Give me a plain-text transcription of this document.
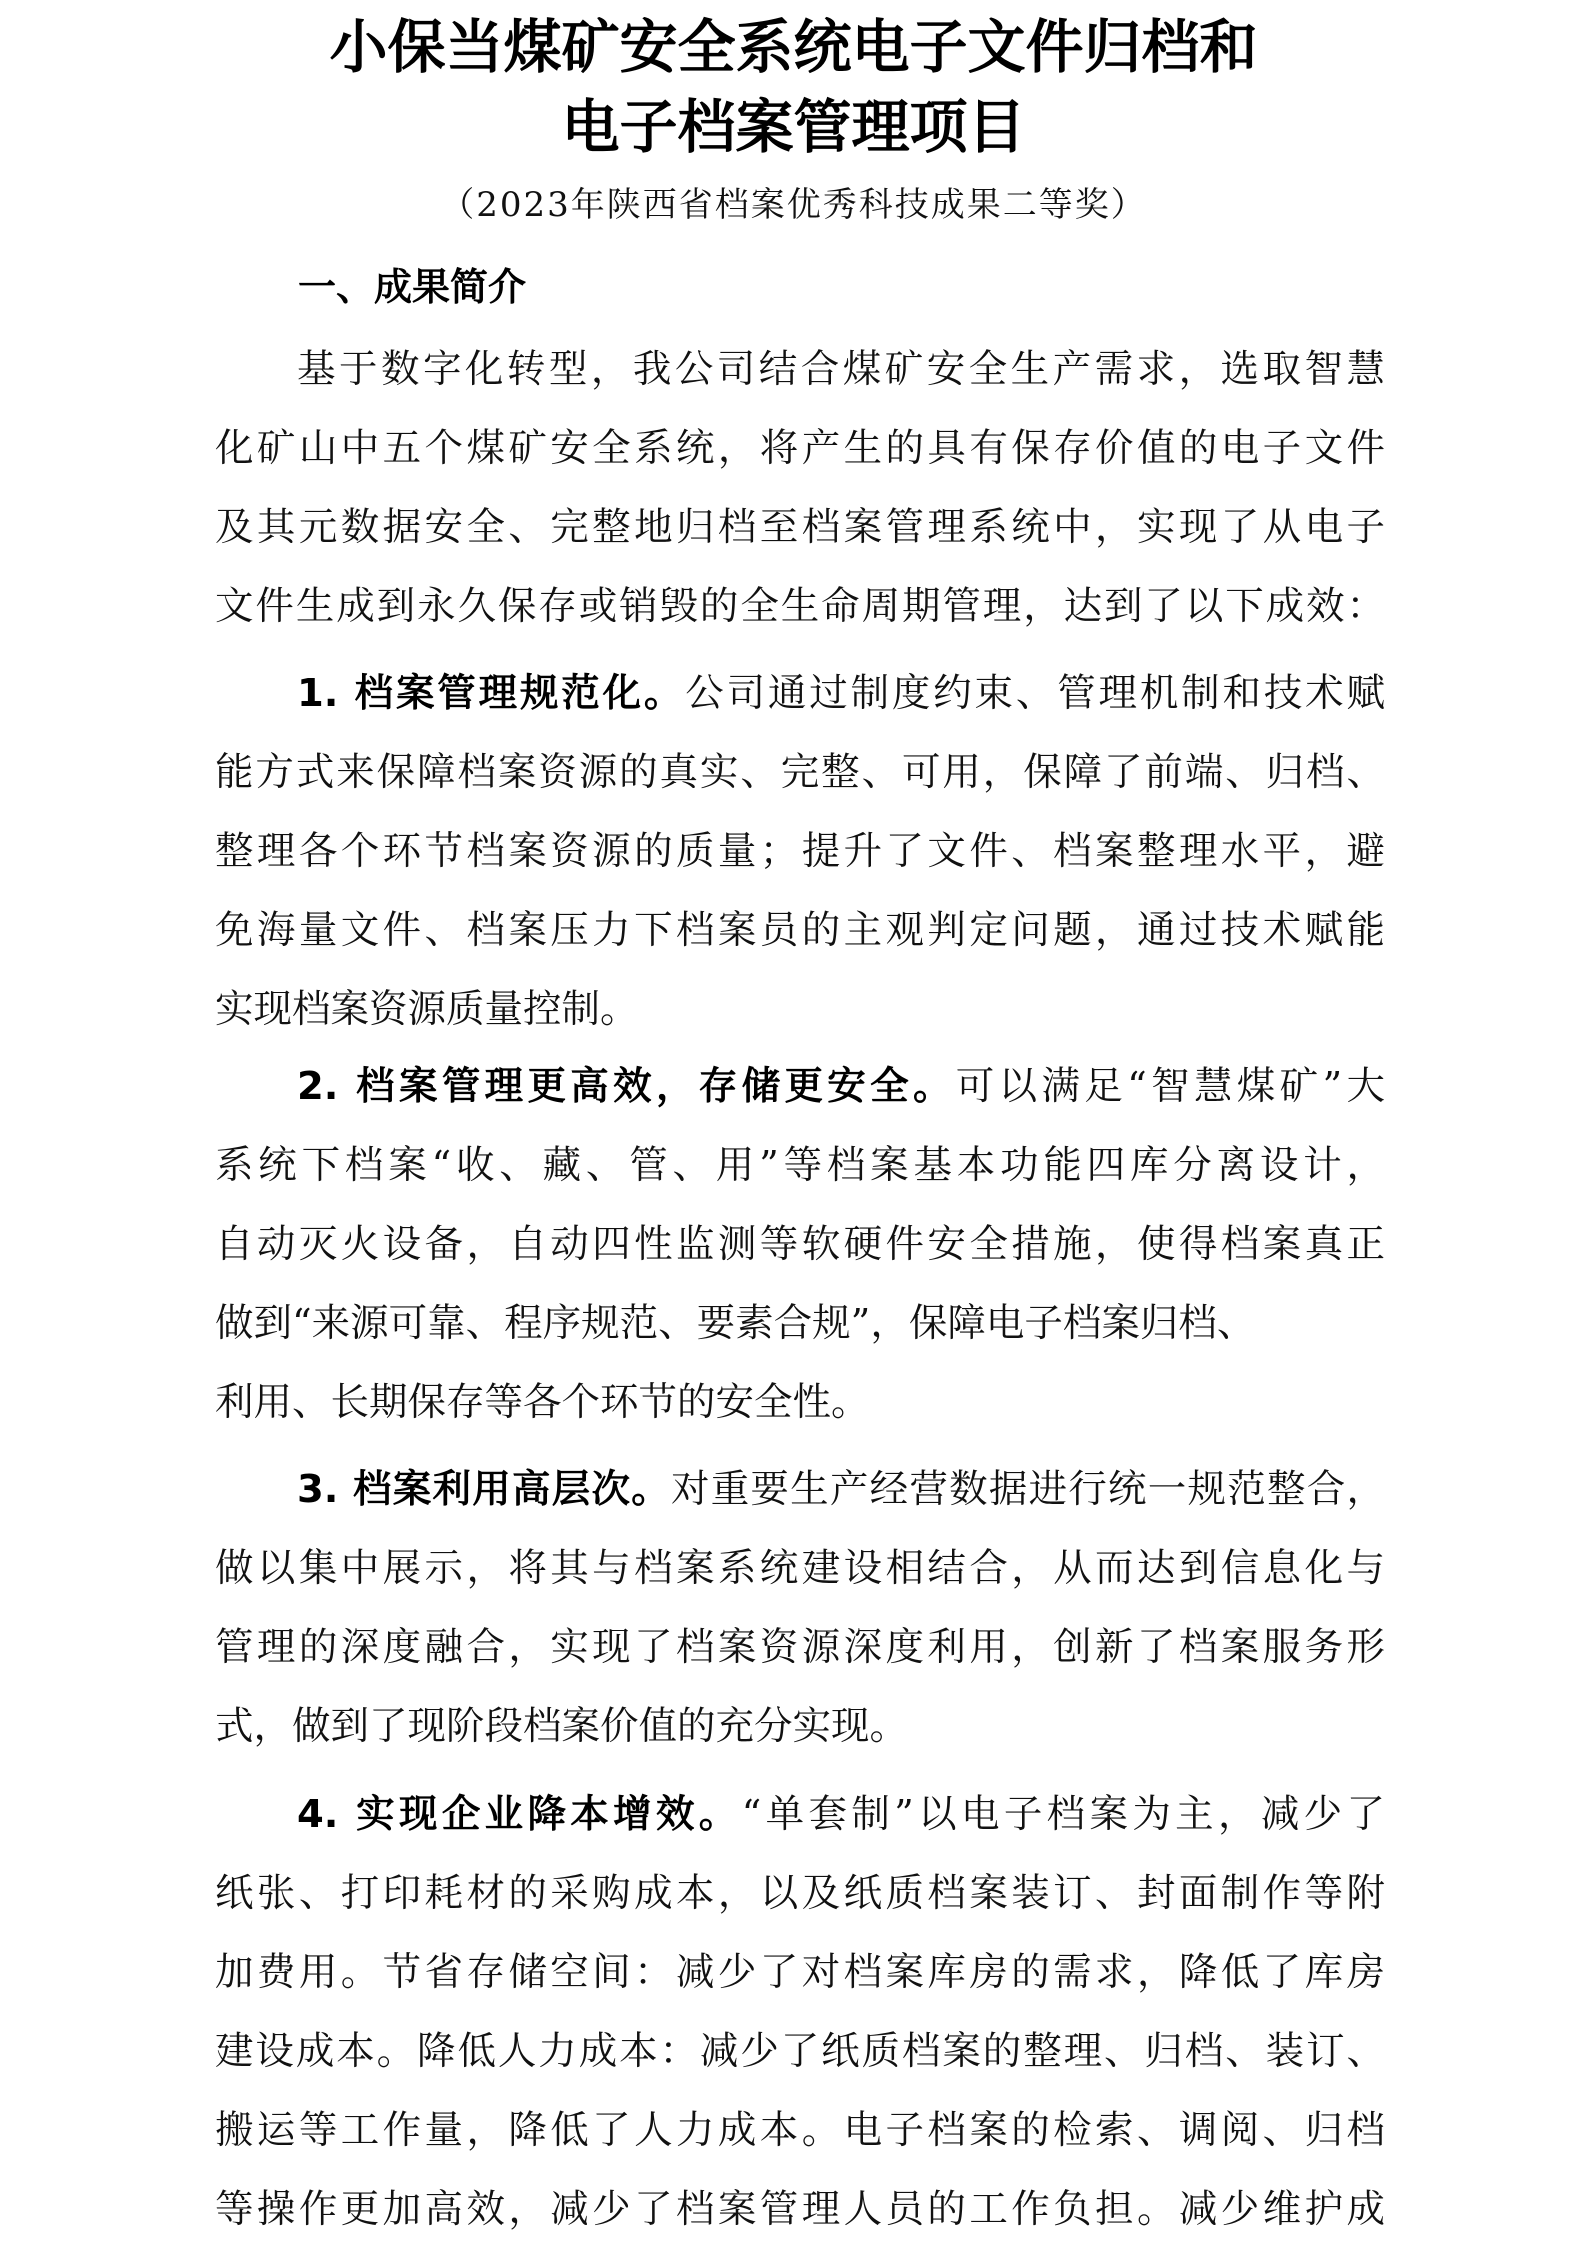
小保当煤矿安全系统电子文件归档和
电子档案管理项目
（2023年陕西省档案优秀科技成果二等奖）
一、成果简介
基于数字化转型，我公司结合煤矿安全生产需求，选取智慧
化矿山中五个煤矿安全系统，将产生的具有保存价值的电子文件
及其元数据安全、完整地归档至档案管理系统中，实现了从电子
文件生成到永久保存或销毁的全生命周期管理，达到了以下成效：
1. 档案管理规范化。公司通过制度约束、管理机制和技术赋
能方式来保障档案资源的真实、完整、可用，保障了前端、归档、
整理各个环节档案资源的质量；提升了文件、档案整理水平，避
免海量文件、档案压力下档案员的主观判定问题，通过技术赋能
实现档案资源质量控制。
2. 档案管理更高效，存储更安全。可以满足“智慧煤矿”大
系统下档案“收、藏、管、用”等档案基本功能四库分离设计，
自动灭火设备，自动四性监测等软硬件安全措施，使得档案真正
做到“来源可靠、程序规范、要素合规”，保障电子档案归档、
利用、长期保存等各个环节的安全性。
3. 档案利用高层次。对重要生产经营数据进行统一规范整合，
做以集中展示，将其与档案系统建设相结合，从而达到信息化与
管理的深度融合，实现了档案资源深度利用，创新了档案服务形
式，做到了现阶段档案价值的充分实现。
4. 实现企业降本增效。“单套制”以电子档案为主，减少了
纸张、打印耗材的采购成本，以及纸质档案装订、封面制作等附
加费用。节省存储空间：减少了对档案库房的需求，降低了库房
建设成本。降低人力成本：减少了纸质档案的整理、归档、装订、
搬运等工作量，降低了人力成本。电子档案的检索、调阅、归档
等操作更加高效，减少了档案管理人员的工作负担。减少维护成
